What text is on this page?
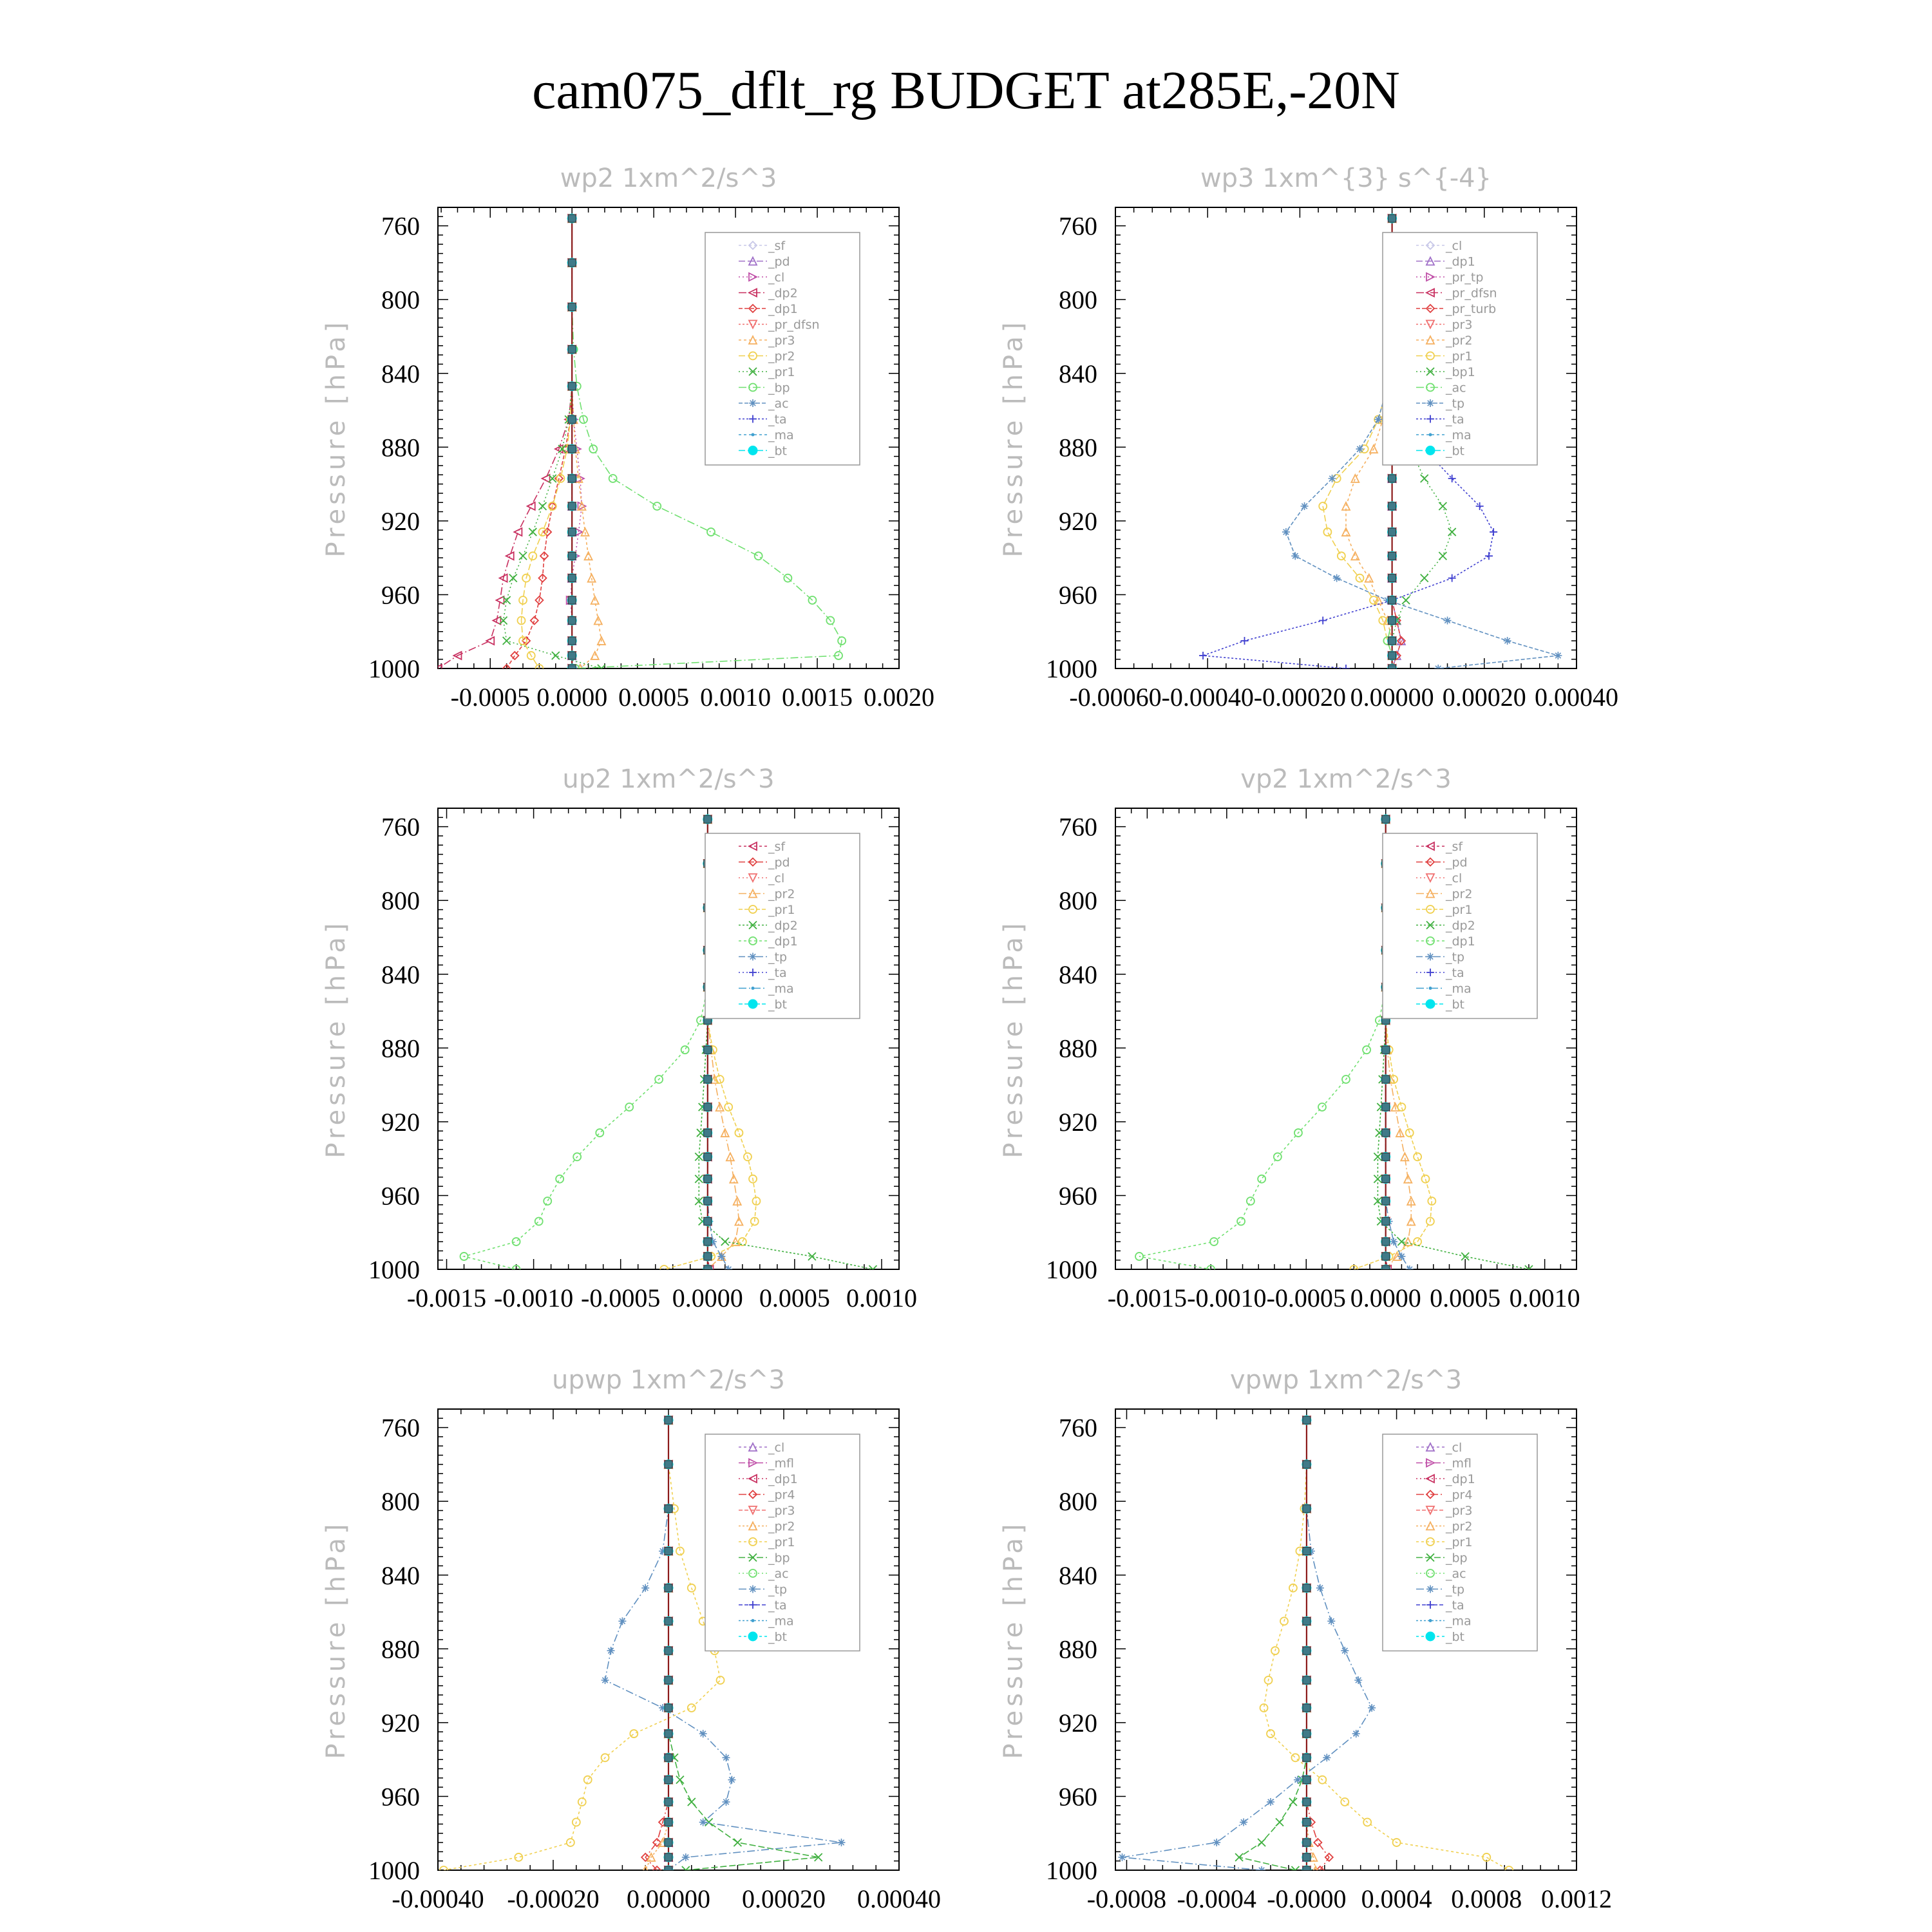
cam075_dflt_rg BUDGET at285E,-20N
wp2 1xm^2/s^3
Pressure [hPa]
760
800
840
880
920
960
1000
-0.0005 0.0000 0.0005 0.0010 0.0015 0.0020
_sf
_pd
_cl
_dp2
_dp1
_pr_dfsn
_pr3
_pr2
_pr1
_bp
_ac
_ta
_ma
_bt
wp3 1xm^{3} s^{-4}
Pressure [hPa]
760
800
840
880
920
960
1000
-0.00060 -0.00040 -0.00020 0.00000 0.00020 0.00040
_cl
_dp1
_pr_tp
_pr_dfsn
_pr_turb
_pr3
_pr2
_pr1
_bp1
_ac
_tp
_ta
_ma
_bt
up2 1xm^2/s^3
Pressure [hPa]
760
800
840
880
920
960
1000
-0.0015 -0.0010 -0.0005 0.0000 0.0005 0.0010
_sf
_pd
_cl
_pr2
_pr1
_dp2
_dp1
_tp
_ta
_ma
_bt
vp2 1xm^2/s^3
Pressure [hPa]
760
800
840
880
920
960
1000
-0.0015 -0.0010 -0.0005 0.0000 0.0005 0.0010
_sf
_pd
_cl
_pr2
_pr1
_dp2
_dp1
_tp
_ta
_ma
_bt
upwp 1xm^2/s^3
Pressure [hPa]
760
800
840
880
920
960
1000
-0.00040 -0.00020 0.00000 0.00020 0.00040
_cl
_mfl
_dp1
_pr4
_pr3
_pr2
_pr1
_bp
_ac
_tp
_ta
_ma
_bt
vpwp 1xm^2/s^3
Pressure [hPa]
760
800
840
880
920
960
1000
-0.0008 -0.0004 -0.0000 0.0004 0.0008 0.0012
_cl
_mfl
_dp1
_pr4
_pr3
_pr2
_pr1
_bp
_ac
_tp
_ta
_ma
_bt
